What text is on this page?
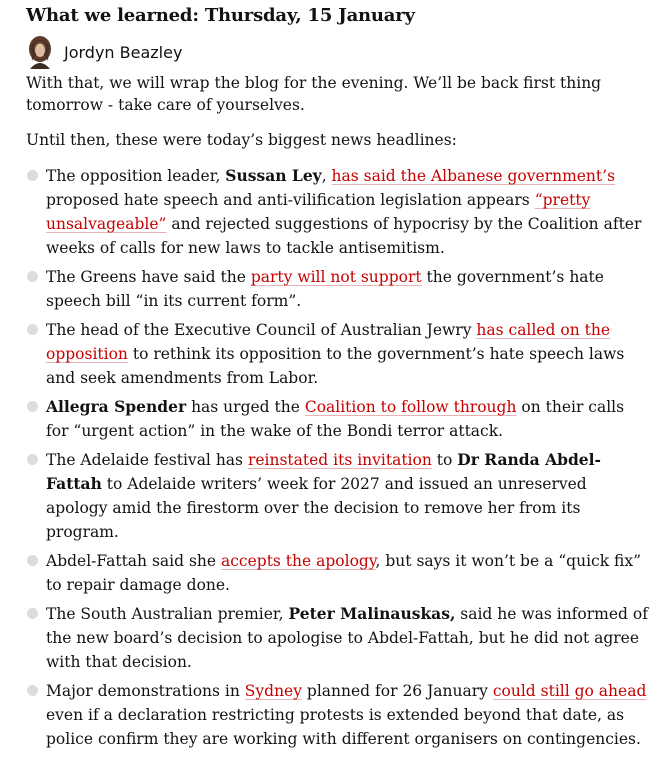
What we learned: Thursday, 15 January
Jordyn Beazley

With that, we will wrap the blog for the evening. We’ll be back first thing tomorrow - take care of yourselves.

Until then, these were today’s biggest news headlines:

The opposition leader, Sussan Ley, has said the Albanese government’s proposed hate speech and anti-vilification legislation appears “pretty unsalvageable” and rejected suggestions of hypocrisy by the Coalition after weeks of calls for new laws to tackle antisemitism.
The Greens have said the party will not support the government’s hate speech bill “in its current form”.
The head of the Executive Council of Australian Jewry has called on the opposition to rethink its opposition to the government’s hate speech laws and seek amendments from Labor.
Allegra Spender has urged the Coalition to follow through on their calls for “urgent action” in the wake of the Bondi terror attack.
The Adelaide festival has reinstated its invitation to Dr Randa Abdel-Fattah to Adelaide writers’ week for 2027 and issued an unreserved apology amid the firestorm over the decision to remove her from its program.
Abdel-Fattah said she accepts the apology, but says it won’t be a “quick fix” to repair damage done.
The South Australian premier, Peter Malinauskas, said he was informed of the new board’s decision to apologise to Abdel-Fattah, but he did not agree with that decision.
Major demonstrations in Sydney planned for 26 January could still go ahead even if a declaration restricting protests is extended beyond that date, as police confirm they are working with different organisers on contingencies.
